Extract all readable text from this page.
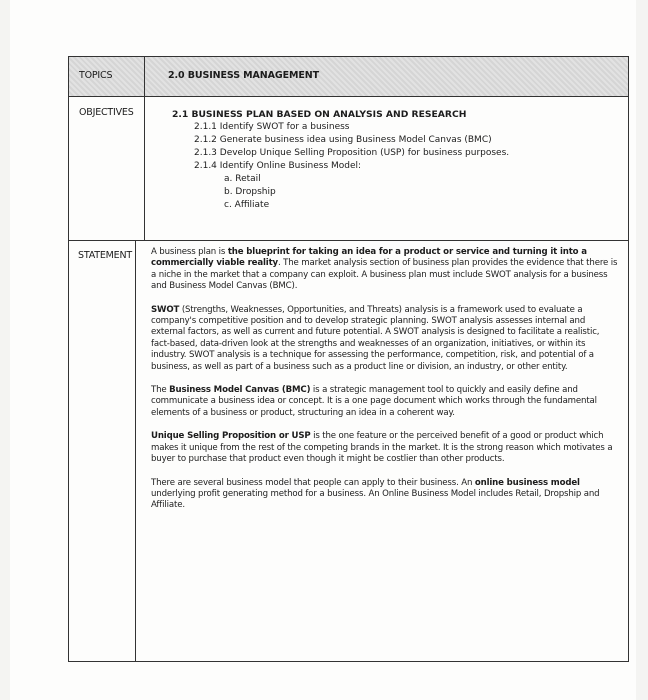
TOPICS	2.0 BUSINESS MANAGEMENT
OBJECTIVES	2.1 BUSINESS PLAN BASED ON ANALYSIS AND RESEARCH
2.1.1 Identify SWOT for a business
2.1.2 Generate business idea using Business Model Canvas (BMC)
2.1.3 Develop Unique Selling Proposition (USP) for business purposes.
2.1.4 Identify Online Business Model:
a. Retail
b. Dropship
c. Affiliate
STATEMENT A business plan is the blueprint for taking an idea for a product or service and turning it into a commercially viable reality. The market analysis section of business plan provides the evidence that there is a niche in the market that a company can exploit. A business plan must include SWOT analysis for a business and Business Model Canvas (BMC).

SWOT (Strengths, Weaknesses, Opportunities, and Threats) analysis is a framework used to evaluate a company's competitive position and to develop strategic planning. SWOT analysis assesses internal and external factors, as well as current and future potential. A SWOT analysis is designed to facilitate a realistic, fact-based, data-driven look at the strengths and weaknesses of an organization, initiatives, or within its industry. SWOT analysis is a technique for assessing the performance, competition, risk, and potential of a business, as well as part of a business such as a product line or division, an industry, or other entity.

The Business Model Canvas (BMC) is a strategic management tool to quickly and easily define and communicate a business idea or concept. It is a one page document which works through the fundamental elements of a business or product, structuring an idea in a coherent way.

Unique Selling Proposition or USP is the one feature or the perceived benefit of a good or product which makes it unique from the rest of the competing brands in the market. It is the strong reason which motivates a buyer to purchase that product even though it might be costlier than other products.

There are several business model that people can apply to their business. An online business model underlying profit generating method for a business. An Online Business Model includes Retail, Dropship and Affiliate.
